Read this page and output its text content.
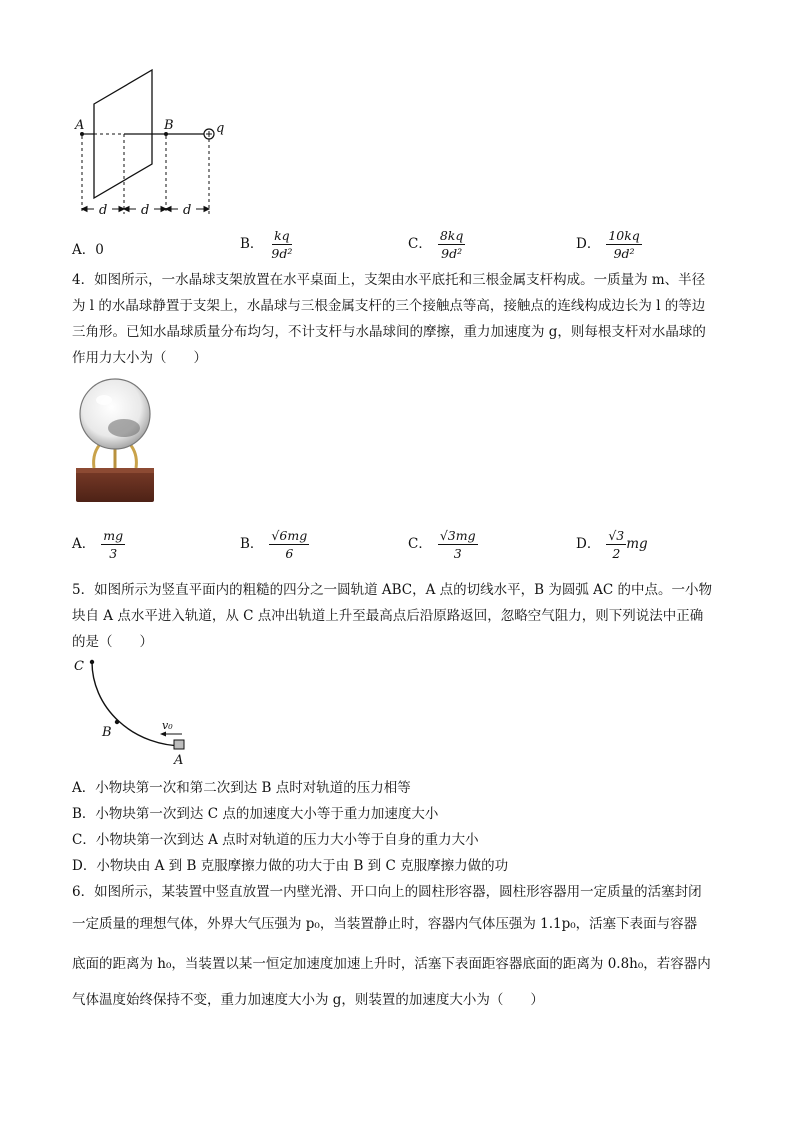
A	B	q
d	d	d
A．0	B． $\frac{kq}{\text{9d²}}$	C． $\frac{8kq}{\text{9d²}}$	D． $\frac{10kq}{\text{9d²}}$
4．如图所示，一水晶球支架放置在水平桌面上，支架由水平底托和三根金属支杆构成。一质量为 m、半径
为 l 的水晶球静置于支架上，水晶球与三根金属支杆的三个接触点等高，接触点的连线构成边长为 l 的等边
三角形。已知水晶球质量分布均匀，不计支杆与水晶球间的摩擦，重力加速度为 g，则每根支杆对水晶球的
作用力大小为（　　）
A． $\frac{mg}{3}$	B． $\frac{√6mg}{6}$	C． $\frac{√3mg}{3}$	D． $\frac{√3}{2}$ mg
5．如图所示为竖直平面内的粗糙的四分之一圆轨道 ABC，A 点的切线水平，B 为圆弧 AC 的中点。一小物
块自 A 点水平进入轨道，从 C 点冲出轨道上升至最高点后沿原路返回，忽略空气阻力，则下列说法中正确
的是（　　）
C
B
A
v₀
A．小物块第一次和第二次到达 B 点时对轨道的压力相等
B．小物块第一次到达 C 点的加速度大小等于重力加速度大小
C．小物块第一次到达 A 点时对轨道的压力大小等于自身的重力大小
D．小物块由 A 到 B 克服摩擦力做的功大于由 B 到 C 克服摩擦力做的功
6．如图所示，某装置中竖直放置一内壁光滑、开口向上的圆柱形容器，圆柱形容器用一定质量的活塞封闭
一定质量的理想气体，外界大气压强为 p₀，当装置静止时，容器内气体压强为 1.1p₀，活塞下表面与容器
底面的距离为 h₀，当装置以某一恒定加速度加速上升时，活塞下表面距容器底面的距离为 0.8h₀，若容器内
气体温度始终保持不变，重力加速度大小为 g，则装置的加速度大小为（　　）
